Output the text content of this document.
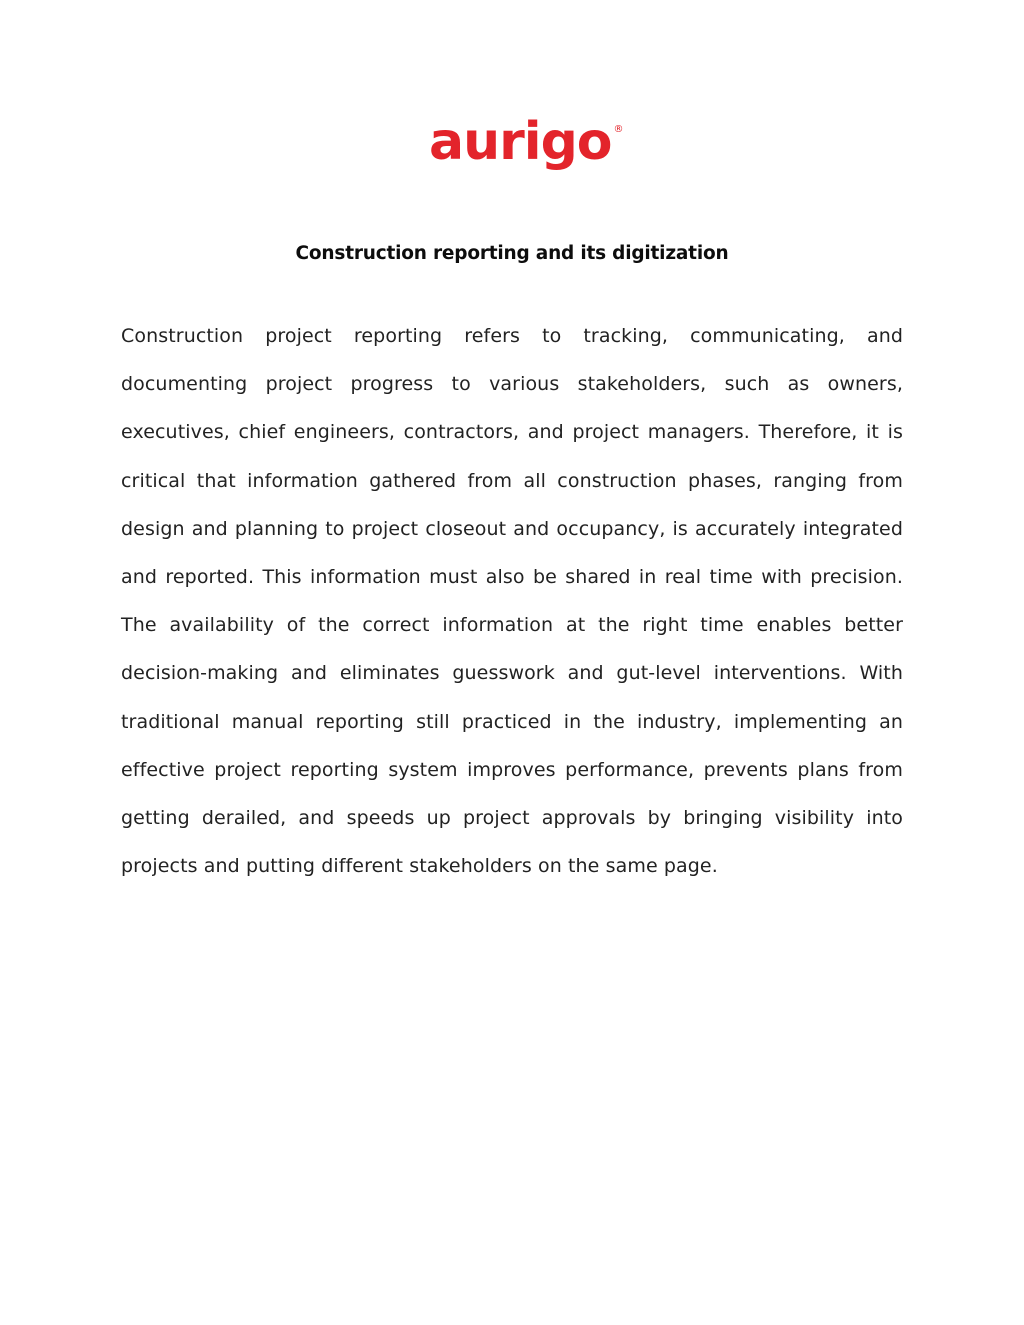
aurigo ®
Construction reporting and its digitization

Construction project reporting refers to tracking, communicating, and documenting project progress to various stakeholders, such as owners, executives, chief engineers, contractors, and project managers. Therefore, it is critical that information gathered from all construction phases, ranging from design and planning to project closeout and occupancy, is accurately integrated and reported. This information must also be shared in real time with precision. The availability of the correct information at the right time enables better decision-making and eliminates guesswork and gut-level interventions. With traditional manual reporting still practiced in the industry, implementing an effective project reporting system improves performance, prevents plans from getting derailed, and speeds up project approvals by bringing visibility into projects and putting different stakeholders on the same page.
